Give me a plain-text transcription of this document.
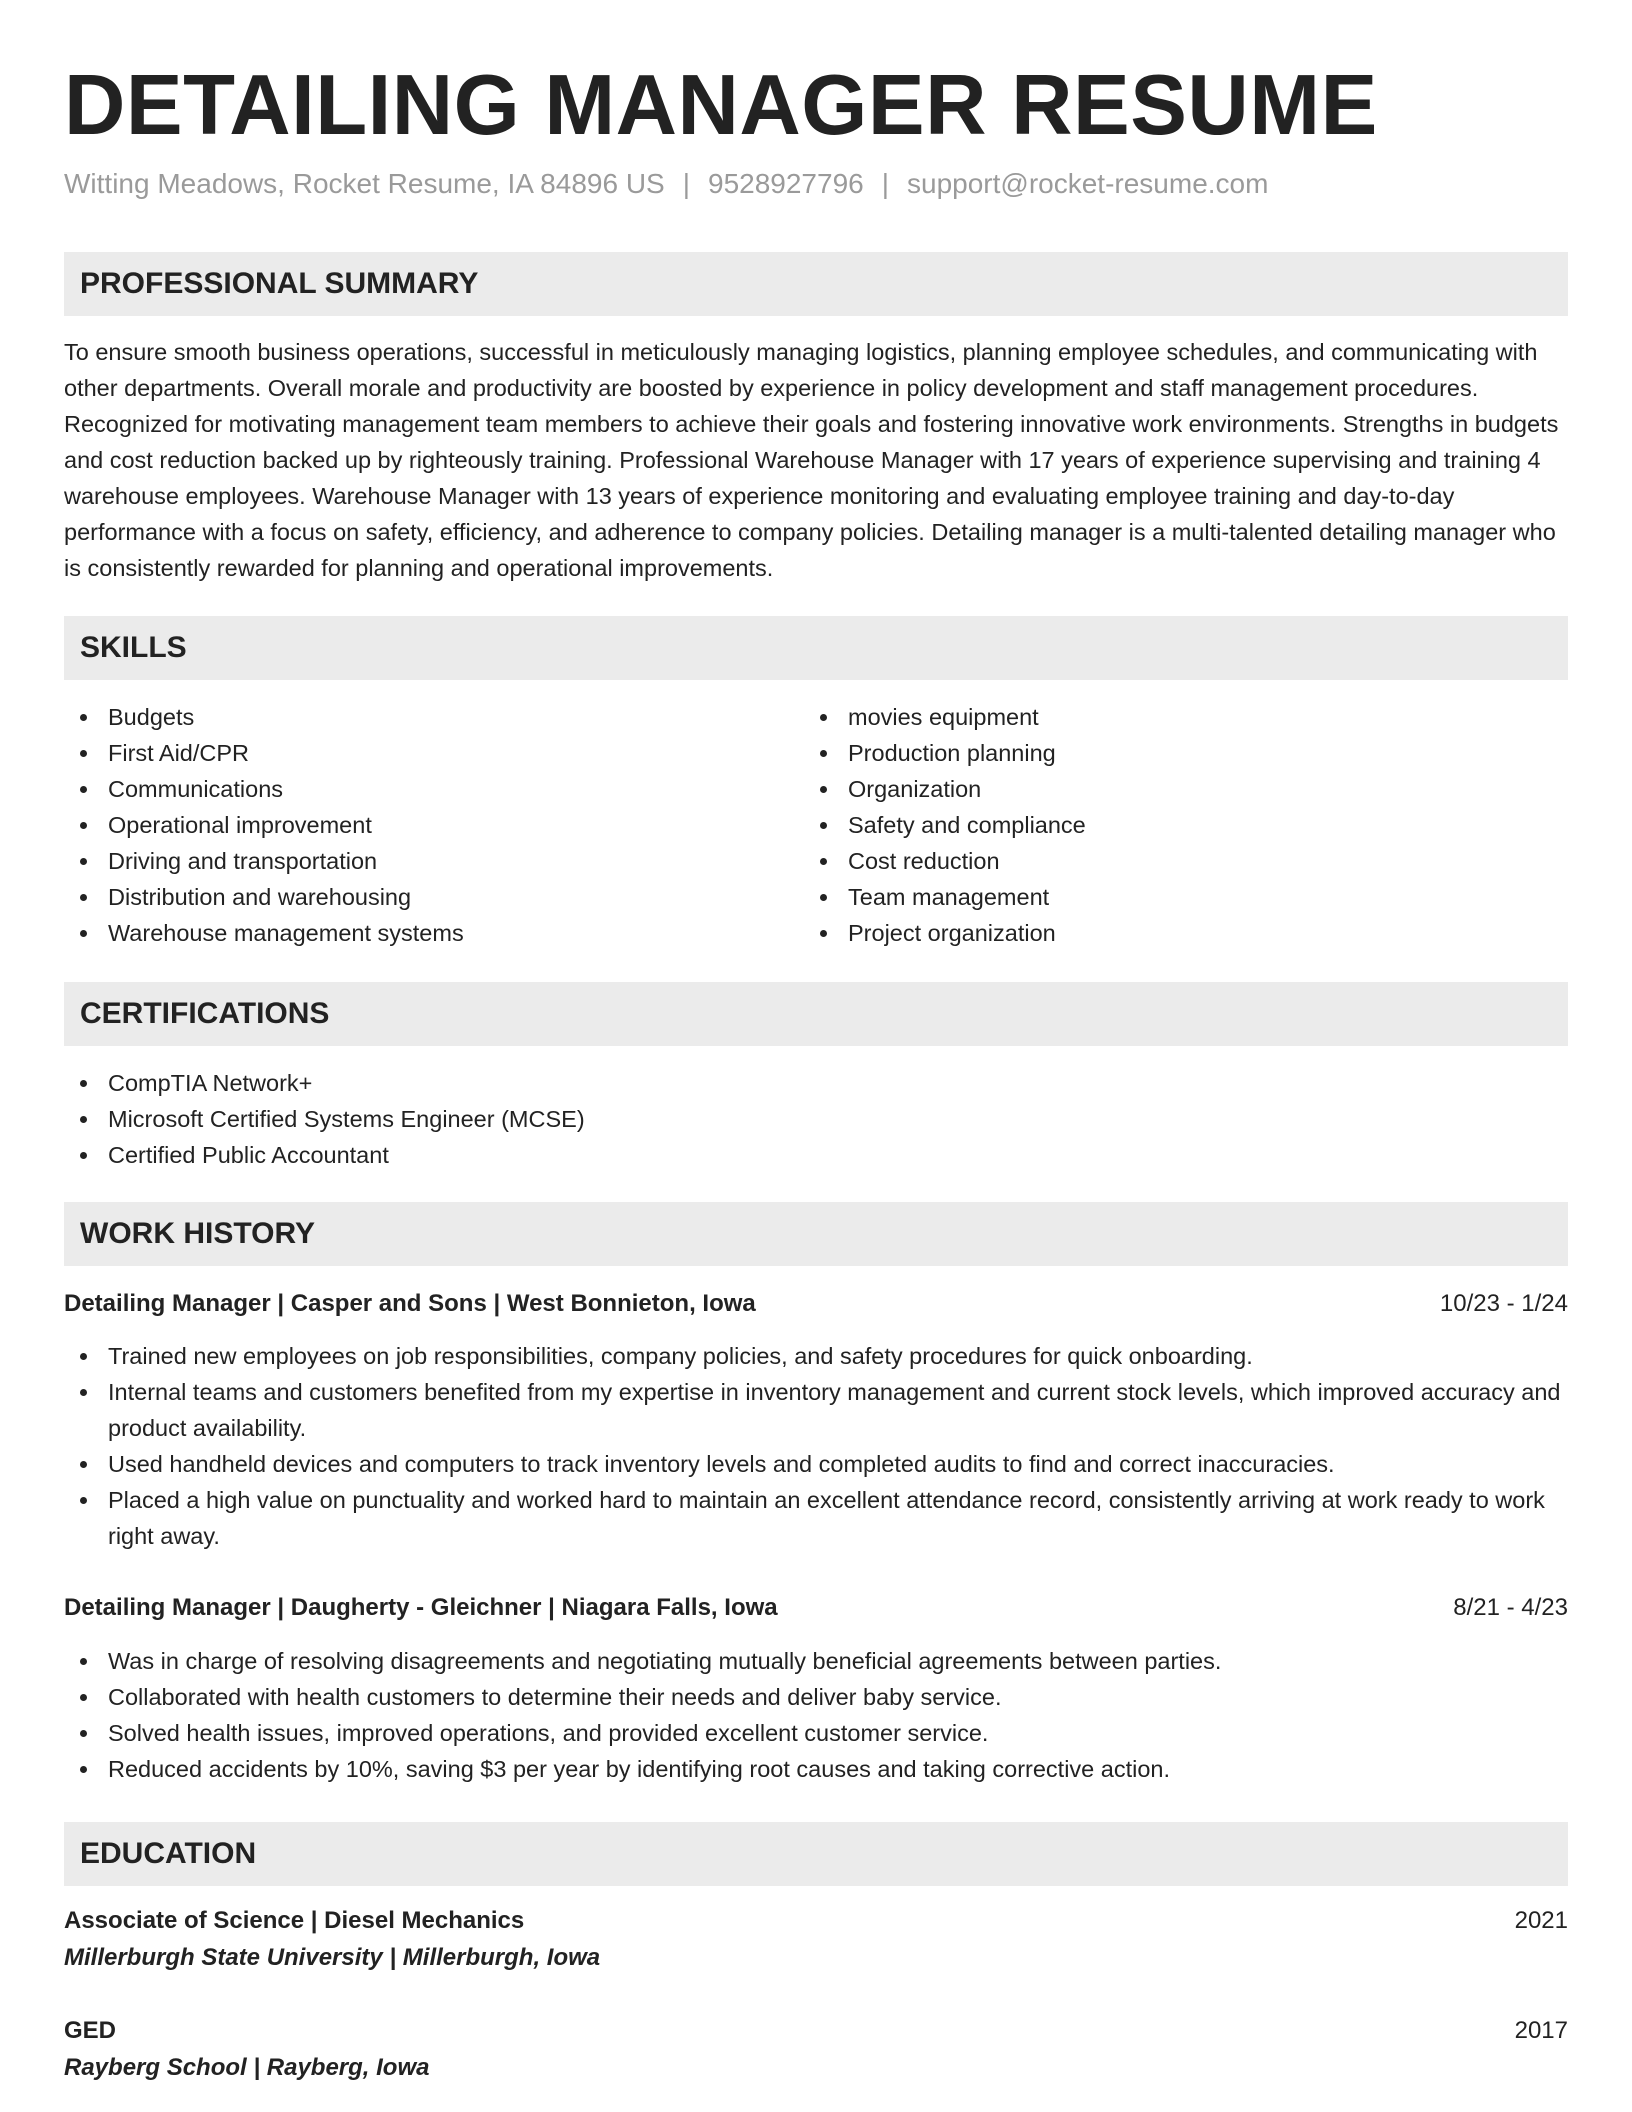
DETAILING MANAGER RESUME
Witting Meadows, Rocket Resume, IA 84896 US | 9528927796 | support@rocket-resume.com
PROFESSIONAL SUMMARY

To ensure smooth business operations, successful in meticulously managing logistics, planning employee schedules, and communicating with other departments. Overall morale and productivity are boosted by experience in policy development and staff management procedures. Recognized for motivating management team members to achieve their goals and fostering innovative work environments. Strengths in budgets and cost reduction backed up by righteously training. Professional Warehouse Manager with 17 years of experience supervising and training 4 warehouse employees. Warehouse Manager with 13 years of experience monitoring and evaluating employee training and day-to-day performance with a focus on safety, efficiency, and adherence to company policies. Detailing manager is a multi-talented detailing manager who is consistently rewarded for planning and operational improvements.

SKILLS
Budgets
First Aid/CPR
Communications
Operational improvement
Driving and transportation
Distribution and warehousing
Warehouse management systems
movies equipment
Production planning
Organization
Safety and compliance
Cost reduction
Team management
Project organization
CERTIFICATIONS
CompTIA Network+
Microsoft Certified Systems Engineer (MCSE)
Certified Public Accountant
WORK HISTORY
Detailing Manager | Casper and Sons | West Bonnieton, Iowa	10/23 - 1/24
Trained new employees on job responsibilities, company policies, and safety procedures for quick onboarding.
Internal teams and customers benefited from my expertise in inventory management and current stock levels, which improved accuracy and product availability.
Used handheld devices and computers to track inventory levels and completed audits to find and correct inaccuracies.
Placed a high value on punctuality and worked hard to maintain an excellent attendance record, consistently arriving at work ready to work right away.
Detailing Manager | Daugherty - Gleichner | Niagara Falls, Iowa	8/21 - 4/23
Was in charge of resolving disagreements and negotiating mutually beneficial agreements between parties.
Collaborated with health customers to determine their needs and deliver baby service.
Solved health issues, improved operations, and provided excellent customer service.
Reduced accidents by 10%, saving $3 per year by identifying root causes and taking corrective action.
EDUCATION
Associate of Science | Diesel Mechanics	2021
Millerburgh State University | Millerburgh, Iowa
GED	2017
Rayberg School | Rayberg, Iowa
